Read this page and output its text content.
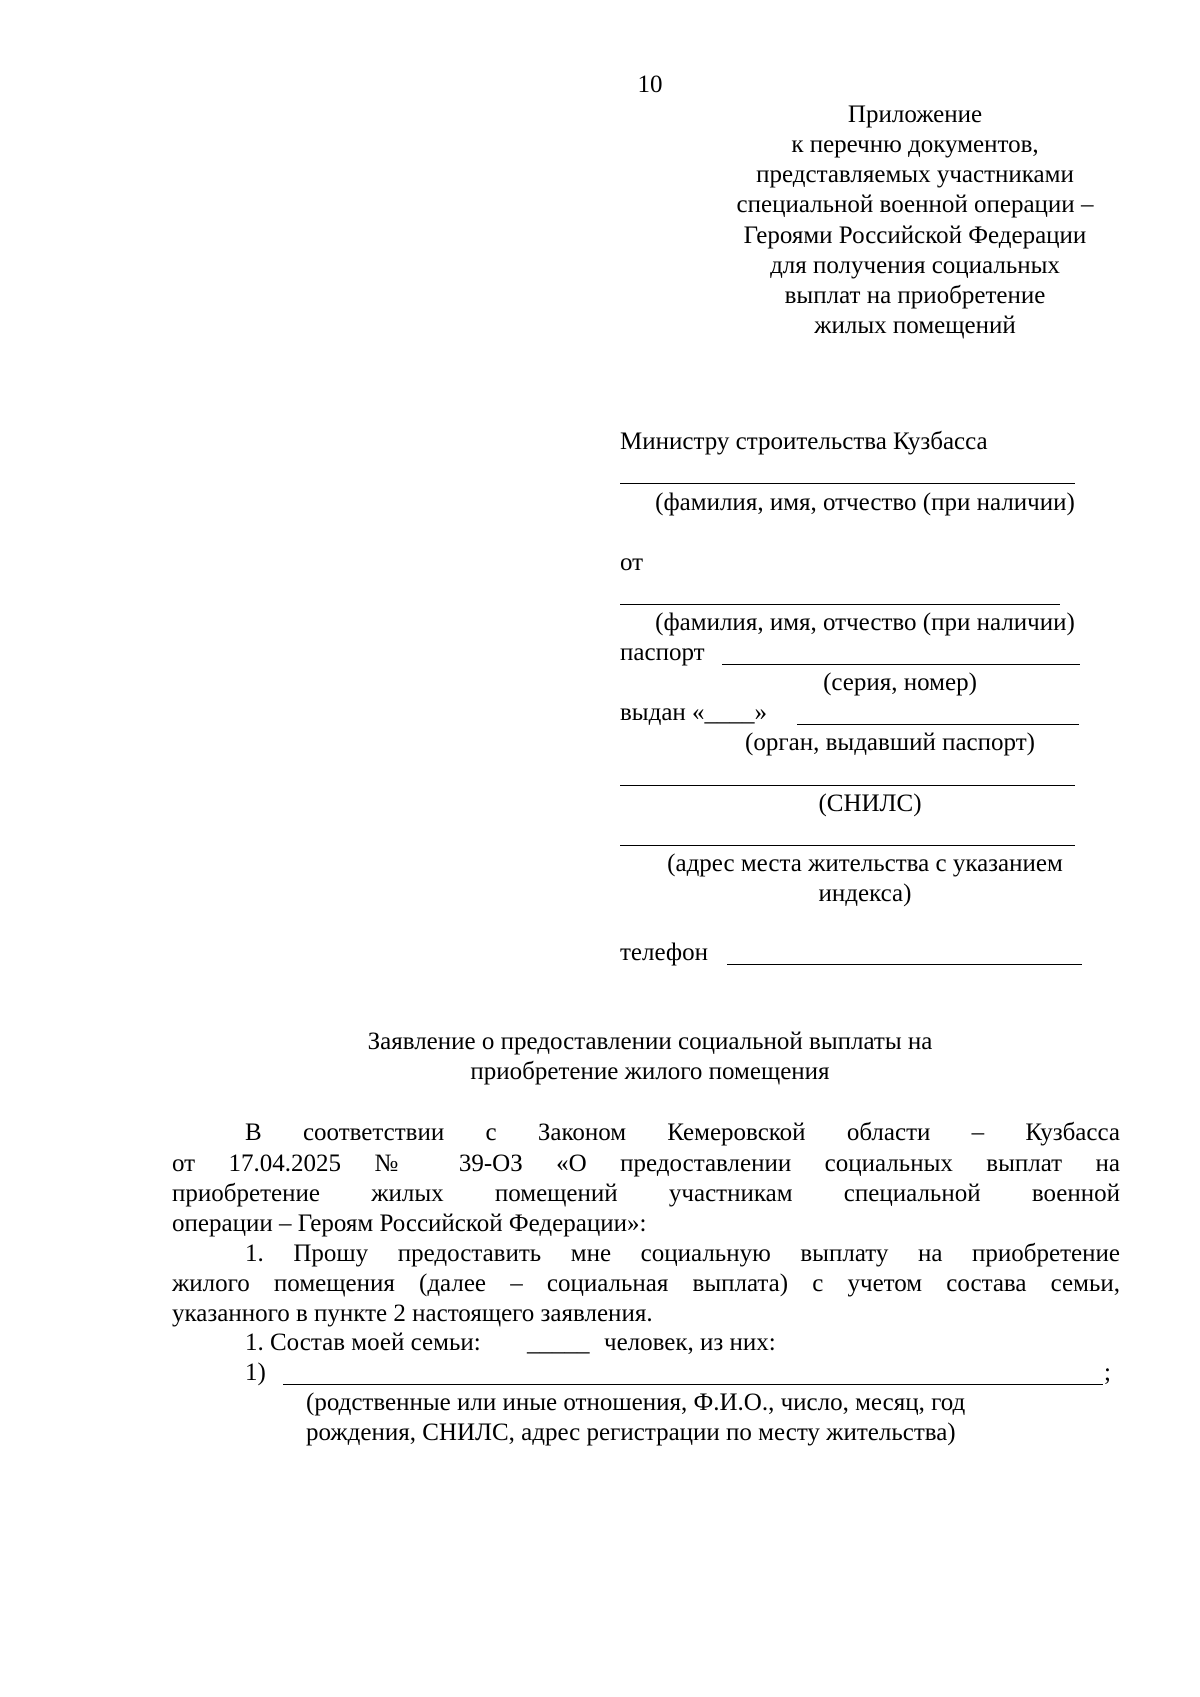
10
Приложение
к перечню документов,
представляемых участниками
специальной военной операции –
Героями Российской Федерации
для получения социальных
выплат на приобретение
жилых помещений
Министру строительства Кузбасса
(фамилия, имя, отчество (при наличии)
от
(фамилия, имя, отчество (при наличии)
паспорт
(серия, номер)
выдан «____»
(орган, выдавший паспорт)
(СНИЛС)
(адрес места жительства с указанием
индекса)
телефон
Заявление о предоставлении социальной выплаты на
приобретение жилого помещения
В соответствии с Законом Кемеровской области – Кузбасса
от 17.04.2025 № 39-ОЗ «О предоставлении социальных выплат на
приобретение жилых помещений участникам специальной военной
операции – Героям Российской Федерации»:
1. Прошу предоставить мне социальную выплату на приобретение
жилого помещения (далее – социальная выплата) с учетом состава семьи,
указанного в пункте 2 настоящего заявления.
1. Состав моей семьи: _____ человек, из них:
1)	;
(родственные или иные отношения, Ф.И.О., число, месяц, год
рождения, СНИЛС, адрес регистрации по месту жительства)
